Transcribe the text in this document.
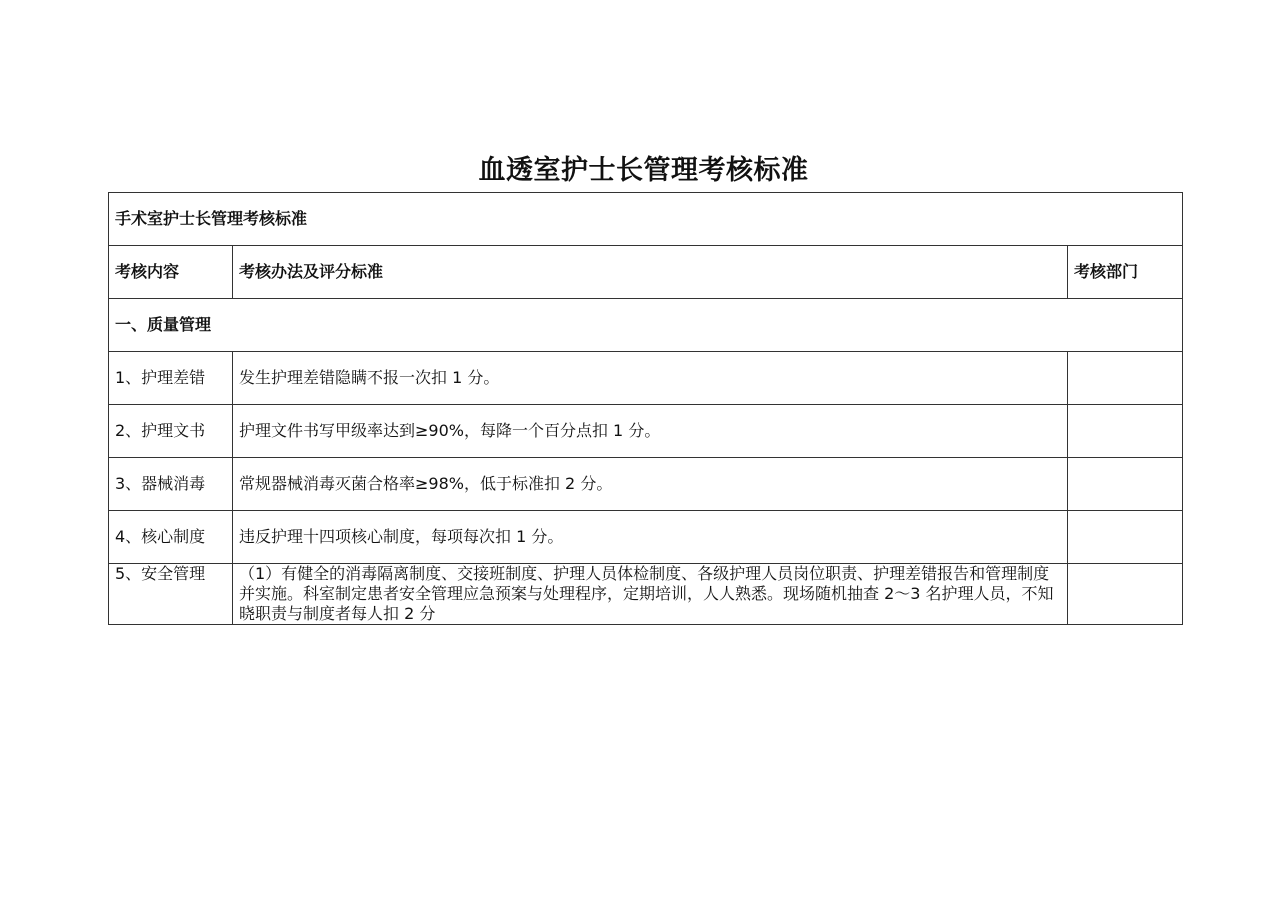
血透室护士长管理考核标准
手术室护士长管理考核标准		
考核内容	考核办法及评分标准	考核部门
一、质量管理		
1、护理差错	发生护理差错隐瞒不报一次扣 1 分。	
2、护理文书	护理文件书写甲级率达到≥90%，每降一个百分点扣 1 分。	
3、器械消毒	常规器械消毒灭菌合格率≥98%，低于标准扣 2 分。	
4、核心制度	违反护理十四项核心制度，每项每次扣 1 分。	
5、安全管理	（1）有健全的消毒隔离制度、交接班制度、护理人员体检制度、各级护理人员岗位职责、护理差错报告和管理制度并实施。科室制定患者安全管理应急预案与处理程序，定期培训，人人熟悉。现场随机抽查 2〜3 名护理人员，不知晓职责与制度者每人扣 2 分	
